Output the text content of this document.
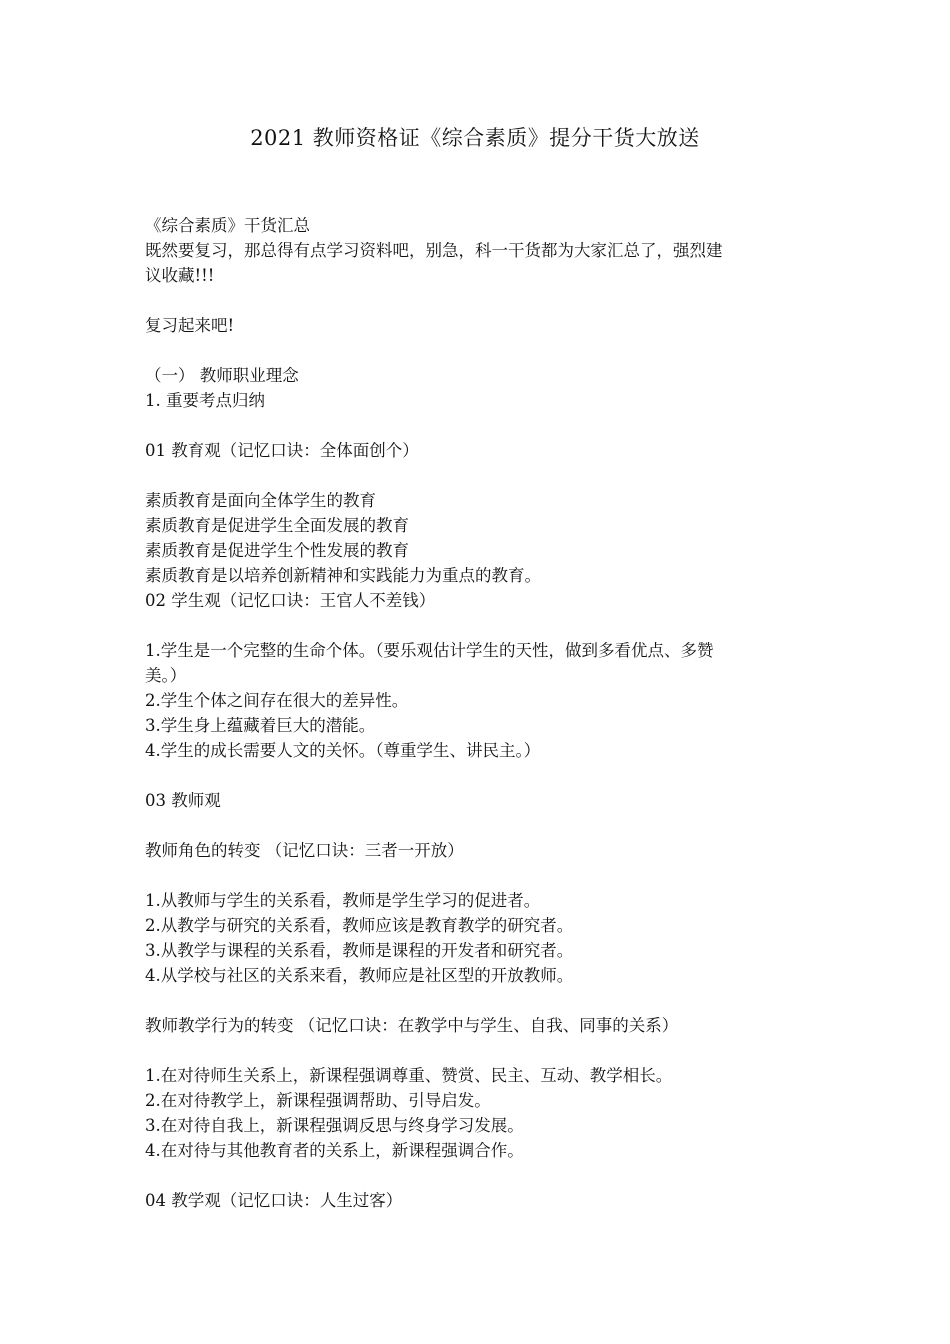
2021 教师资格证《综合素质》提分干货大放送

《综合素质》干货汇总

既然要复习，那总得有点学习资料吧，别急，科一干货都为大家汇总了，强烈建

议收藏!!!

复习起来吧!

（一） 教师职业理念

1. 重要考点归纳

01 教育观（记忆口诀：全体面创个）

素质教育是面向全体学生的教育

素质教育是促进学生全面发展的教育

素质教育是促进学生个性发展的教育

素质教育是以培养创新精神和实践能力为重点的教育。

02 学生观（记忆口诀：王官人不差钱）

1.学生是一个完整的生命个体。（要乐观估计学生的天性，做到多看优点、多赞

美。）

2.学生个体之间存在很大的差异性。

3.学生身上蕴藏着巨大的潜能。

4.学生的成长需要人文的关怀。（尊重学生、讲民主。）

03 教师观

教师角色的转变 （记忆口诀：三者一开放）

1.从教师与学生的关系看，教师是学生学习的促进者。

2.从教学与研究的关系看，教师应该是教育教学的研究者。

3.从教学与课程的关系看，教师是课程的开发者和研究者。

4.从学校与社区的关系来看，教师应是社区型的开放教师。

教师教学行为的转变 （记忆口诀：在教学中与学生、自我、同事的关系）

1.在对待师生关系上，新课程强调尊重、赞赏、民主、互动、教学相长。

2.在对待教学上，新课程强调帮助、引导启发。

3.在对待自我上，新课程强调反思与终身学习发展。

4.在对待与其他教育者的关系上，新课程强调合作。

04 教学观（记忆口诀：人生过客）
